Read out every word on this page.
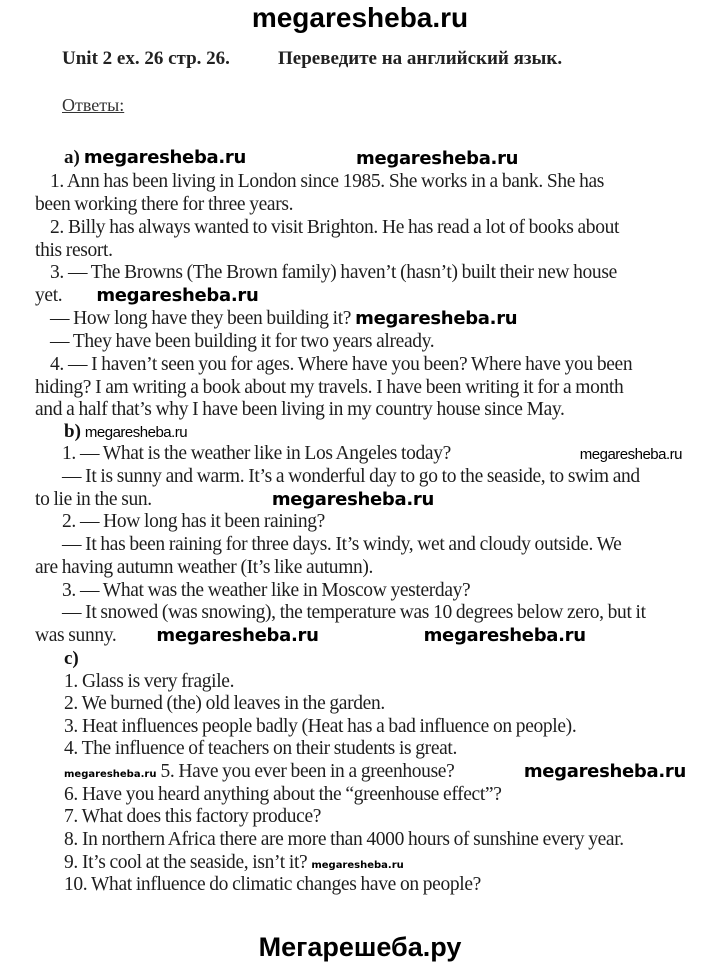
megaresheba.ru
Unit 2 ex. 26 стр. 26.	Переведите на английский язык.
Ответы:
a) megaresheba.ru	megaresheba.ru
1. Ann has been living in London since 1985. She works in a bank. She has
been working there for three years.
2. Billy has always wanted to visit Brighton. He has read a lot of books about
this resort.
3. — The Browns (The Brown family) haven’t (hasn’t) built their new house
yet. megaresheba.ru
— How long have they been building it? megaresheba.ru
— They have been building it for two years already.
4. — I haven’t seen you for ages. Where have you been? Where have you been
hiding? I am writing a book about my travels. I have been writing it for a month
and a half that’s why I have been living in my country house since May.
b) megaresheba.ru
1. — What is the weather like in Los Angeles today?	megaresheba.ru
— It is sunny and warm. It’s a wonderful day to go to the seaside, to swim and
to lie in the sun.	megaresheba.ru
2. — How long has it been raining?
— It has been raining for three days. It’s windy, wet and cloudy outside. We
are having autumn weather (It’s like autumn).
3. — What was the weather like in Moscow yesterday?
— It snowed (was snowing), the temperature was 10 degrees below zero, but it
was sunny. megaresheba.ru	megaresheba.ru
c)
1. Glass is very fragile.
2. We burned (the) old leaves in the garden.
3. Heat influences people badly (Heat has a bad influence on people).
4. The influence of teachers on their students is great.
megaresheba.ru 5. Have you ever been in a greenhouse?	megaresheba.ru
6. Have you heard anything about the “greenhouse effect”?
7. What does this factory produce?
8. In northern Africa there are more than 4000 hours of sunshine every year.
9. It’s cool at the seaside, isn’t it? megaresheba.ru
10. What influence do climatic changes have on people?
Мегарешеба.ру
